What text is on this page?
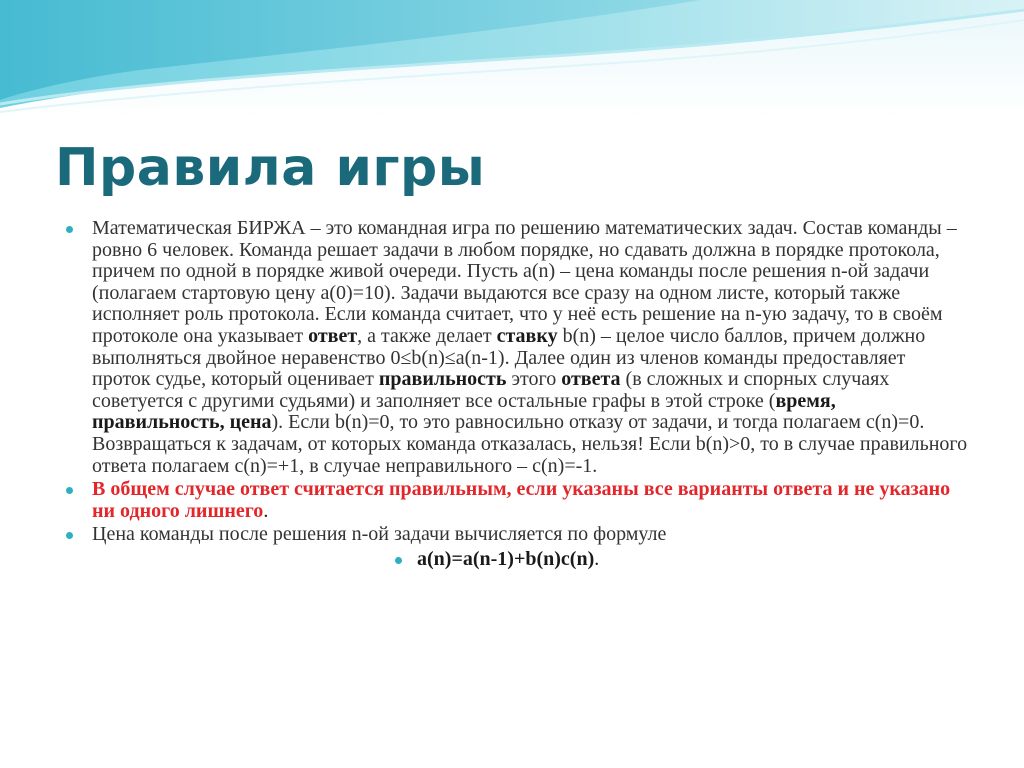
Правила игры
Математическая БИРЖА – это командная игра по решению математических задач. Состав команды – ровно 6 человек. Команда решает задачи в любом порядке, но сдавать должна в порядке протокола, причем по одной в порядке живой очереди. Пусть a(n) – цена команды после решения n-ой задачи (полагаем стартовую цену a(0)=10). Задачи выдаются все сразу на одном листе, который также исполняет роль протокола. Если команда считает, что у неё есть решение на n-ую задачу, то в своём протоколе она указывает ответ, а также делает ставку b(n) – целое число баллов, причем должно выполняться двойное неравенство 0≤b(n)≤a(n-1). Далее один из членов команды предоставляет проток судье, который оценивает правильность этого ответа (в сложных и спорных случаях советуется с другими судьями) и заполняет все остальные графы в этой строке (время, правильность, цена). Если b(n)=0, то это равносильно отказу от задачи, и тогда полагаем c(n)=0. Возвращаться к задачам, от которых команда отказалась, нельзя! Если b(n)>0, то в случае правильного ответа полагаем c(n)=+1, в случае неправильного – c(n)=-1.
В общем случае ответ считается правильным, если указаны все варианты ответа и не указано ни одного лишнего.
Цена команды после решения n-ой задачи вычисляется по формуле
a(n)=a(n-1)+b(n)c(n).
